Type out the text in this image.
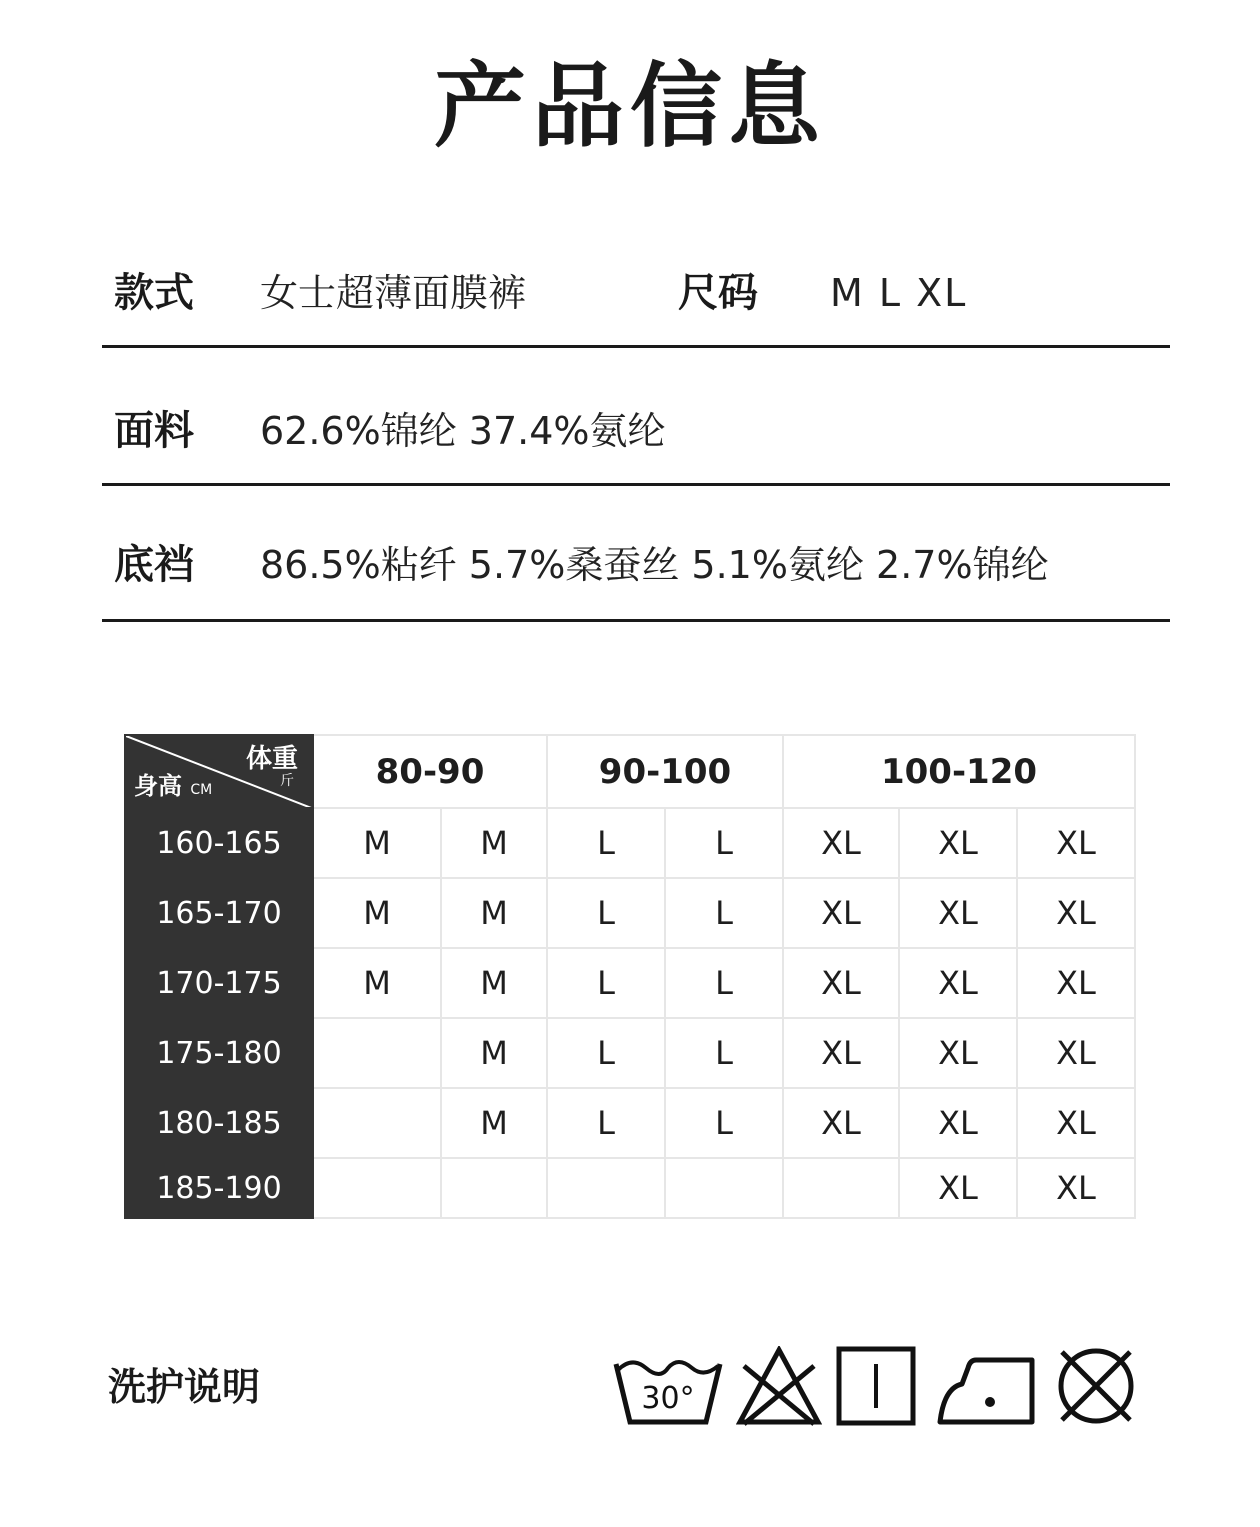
产品信息
款式 女士超薄面膜裤	尺码 M L XL
面料 62.6%锦纶 37.4%氨纶
底裆 86.5%粘纤 5.7%桑蚕丝 5.1%氨纶 2.7%锦纶
体重
斤
身高 CM	80-90		90-100		100-120		
160-165	M	M	L	L	XL	XL	XL
165-170	M	M	L	L	XL	XL	XL
170-175	M	M	L	L	XL	XL	XL
175-180		M	L	L	XL	XL	XL
180-185		M	L	L	XL	XL	XL
185-190						XL	XL
洗护说明	30°
